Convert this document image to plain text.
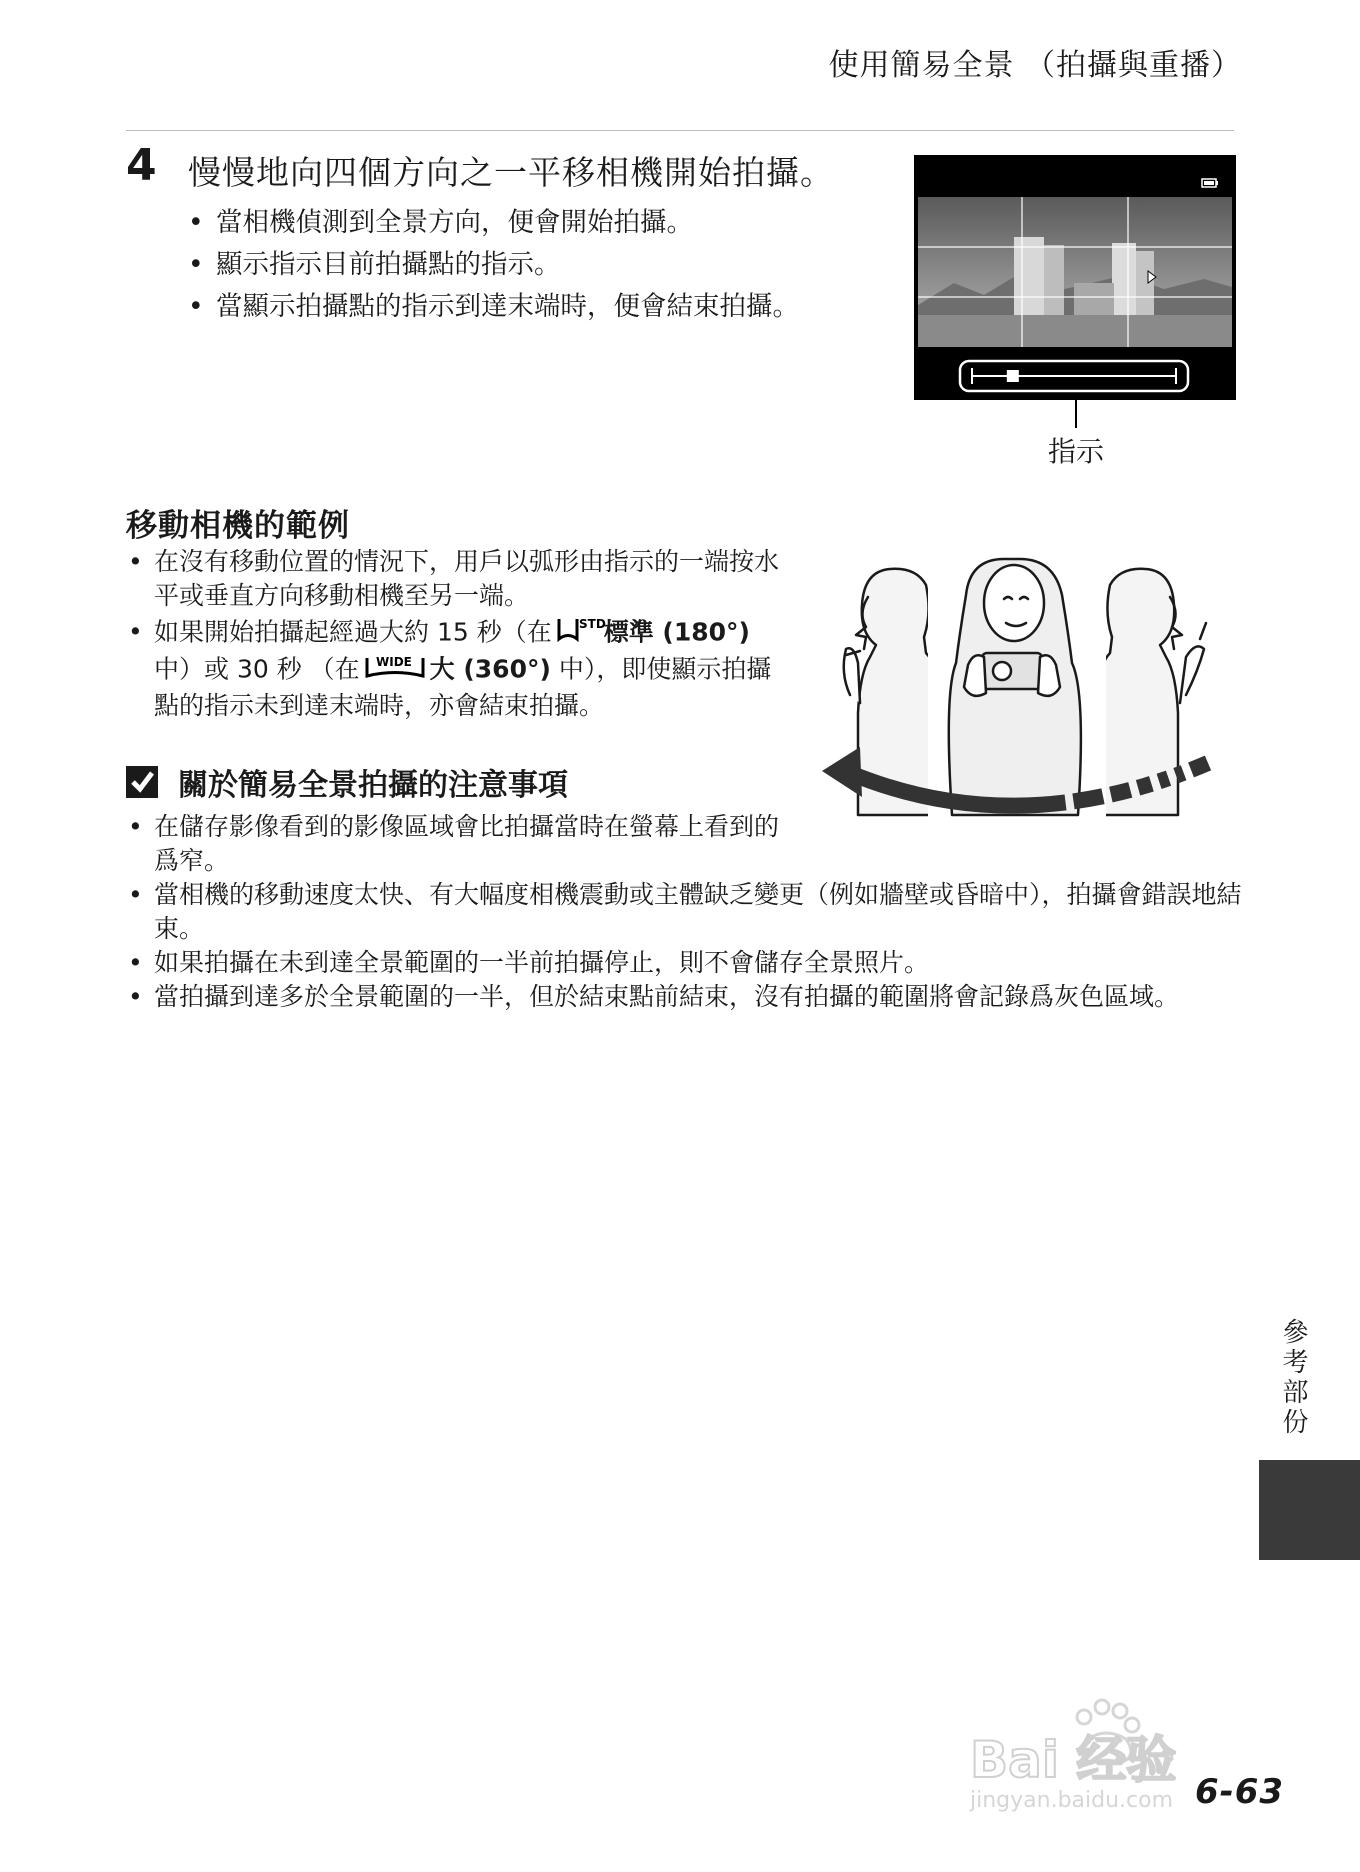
使用簡易全景 （拍攝與重播）
4 慢慢地向四個方向之一平移相機開始拍攝。
• 當相機偵測到全景方向，便會開始拍攝。
• 顯示指示目前拍攝點的指示。
• 當顯示拍攝點的指示到達末端時，便會結束拍攝。
指示
移動相機的範例
• 在沒有移動位置的情況下，用戶以弧形由指示的一端按水平或垂直方向移動相機至另一端。
• 如果開始拍攝起經過大約 15 秒（在 STD
標準 (180°) 中）或 30 秒 （在 WIDE 大 (360°) 中），即使顯示拍攝點的指示未到達末端時，亦會結束拍攝。
關於簡易全景拍攝的注意事項
• 在儲存影像看到的影像區域會比拍攝當時在螢幕上看到的爲窄。
• 當相機的移動速度太快、有大幅度相機震動或主體缺乏變更（例如牆壁或昏暗中），拍攝會錯誤地結束。
• 如果拍攝在未到達全景範圍的一半前拍攝停止，則不會儲存全景照片。
• 當拍攝到達多於全景範圍的一半，但於結束點前結束，沒有拍攝的範圍將會記錄爲灰色區域。
參考部份
Bai 经验
jingyan.baidu.com 6-63
